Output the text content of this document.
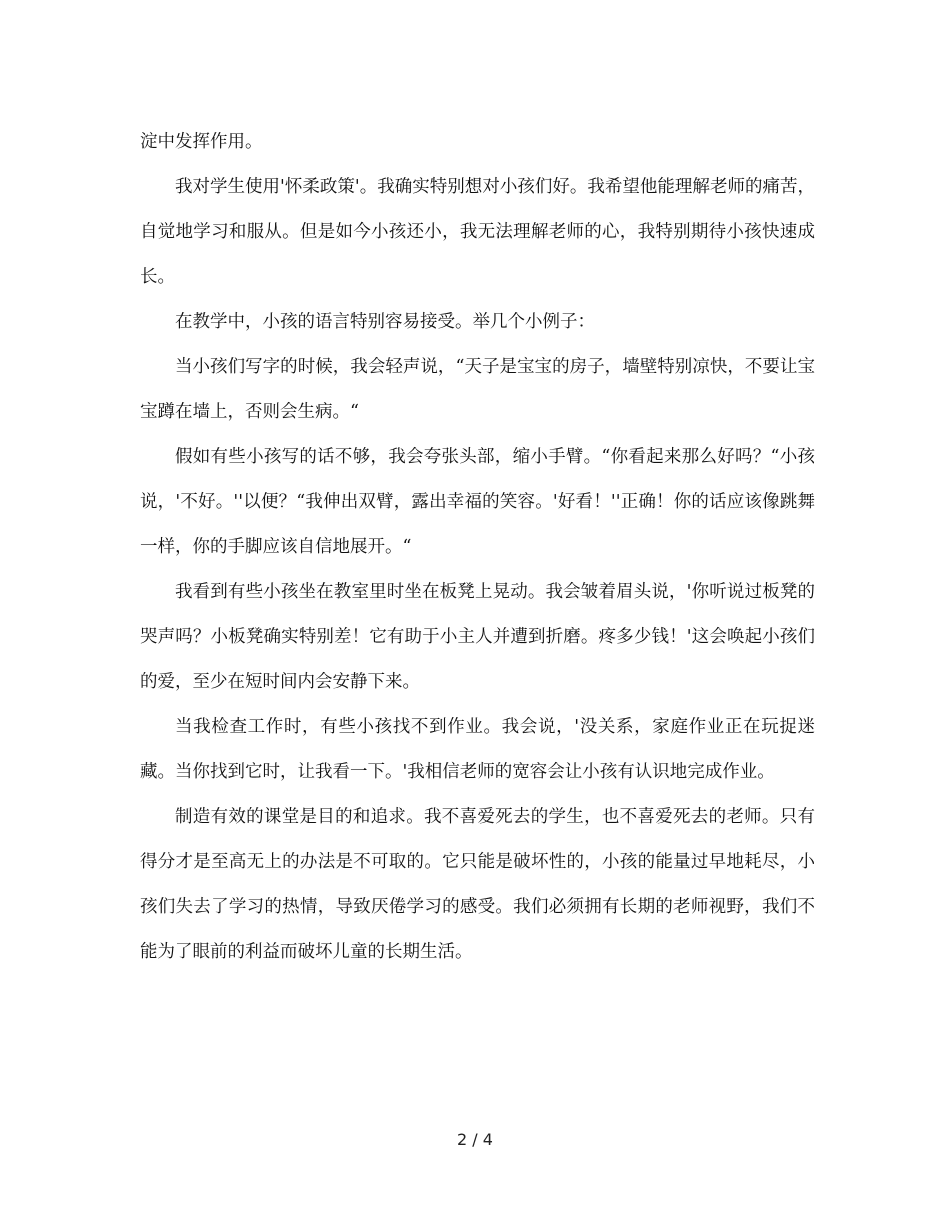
淀中发挥作用。

我对学生使用'怀柔政策'。我确实特别想对小孩们好。我希望他能理解老师的痛苦，自觉地学习和服从。但是如今小孩还小，我无法理解老师的心，我特别期待小孩快速成长。

在教学中，小孩的语言特别容易接受。举几个小例子：

当小孩们写字的时候，我会轻声说，“天子是宝宝的房子，墙壁特别凉快，不要让宝宝蹲在墙上，否则会生病。“

假如有些小孩写的话不够，我会夸张头部，缩小手臂。“你看起来那么好吗？“小孩说，'不好。''以便？“我伸出双臂，露出幸福的笑容。'好看！''正确！你的话应该像跳舞一样，你的手脚应该自信地展开。“

我看到有些小孩坐在教室里时坐在板凳上晃动。我会皱着眉头说，'你听说过板凳的哭声吗？小板凳确实特别差！它有助于小主人并遭到折磨。疼多少钱！'这会唤起小孩们的爱，至少在短时间内会安静下来。

当我检查工作时，有些小孩找不到作业。我会说，'没关系，家庭作业正在玩捉迷藏。当你找到它时，让我看一下。'我相信老师的宽容会让小孩有认识地完成作业。

制造有效的课堂是目的和追求。我不喜爱死去的学生，也不喜爱死去的老师。只有得分才是至高无上的办法是不可取的。它只能是破坏性的，小孩的能量过早地耗尽，小孩们失去了学习的热情，导致厌倦学习的感受。我们必须拥有长期的老师视野，我们不能为了眼前的利益而破坏儿童的长期生活。

2 / 4
